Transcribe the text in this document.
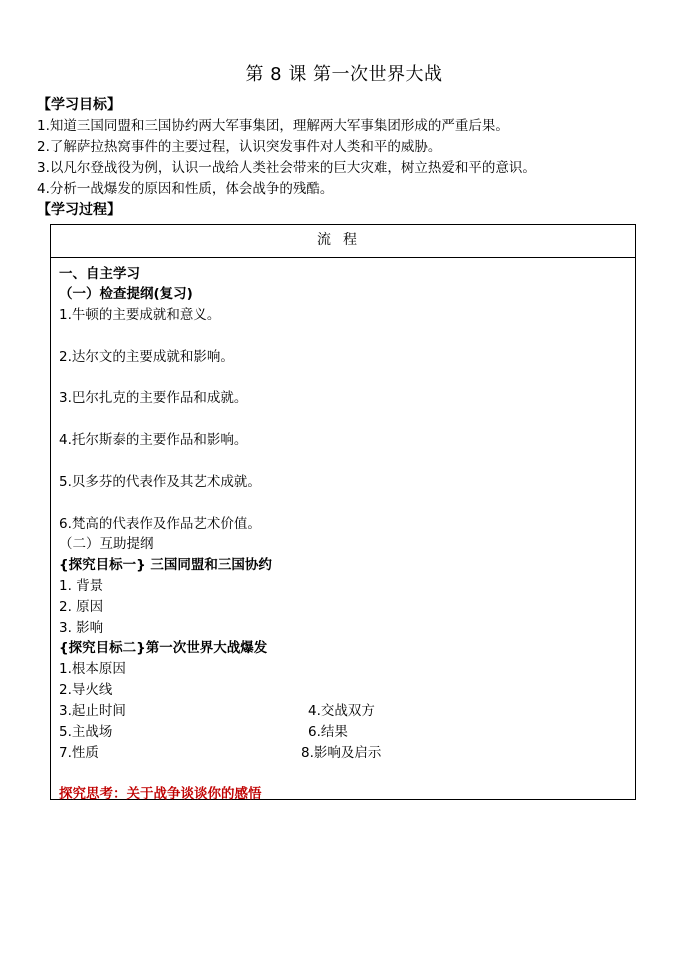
第 8 课 第一次世界大战
【学习目标】
1.知道三国同盟和三国协约两大军事集团，理解两大军事集团形成的严重后果。
2.了解萨拉热窝事件的主要过程，认识突发事件对人类和平的威胁。
3.以凡尔登战役为例，认识一战给人类社会带来的巨大灾难，树立热爱和平的意识。
4.分析一战爆发的原因和性质，体会战争的残酷。
【学习过程】
流程
一、自主学习
（一）检查提纲(复习)
1.牛顿的主要成就和意义。
2.达尔文的主要成就和影响。
3.巴尔扎克的主要作品和成就。
4.托尔斯泰的主要作品和影响。
5.贝多芬的代表作及其艺术成就。
6.梵高的代表作及作品艺术价值。
（二）互助提纲
{探究目标一} 三国同盟和三国协约
1. 背景
2. 原因
3. 影响
{探究目标二}第一次世界大战爆发
1.根本原因
2.导火线
3.起止时间	4.交战双方
5.主战场	6.结果
7.性质	8.影响及启示
探究思考：关于战争谈谈你的感悟
